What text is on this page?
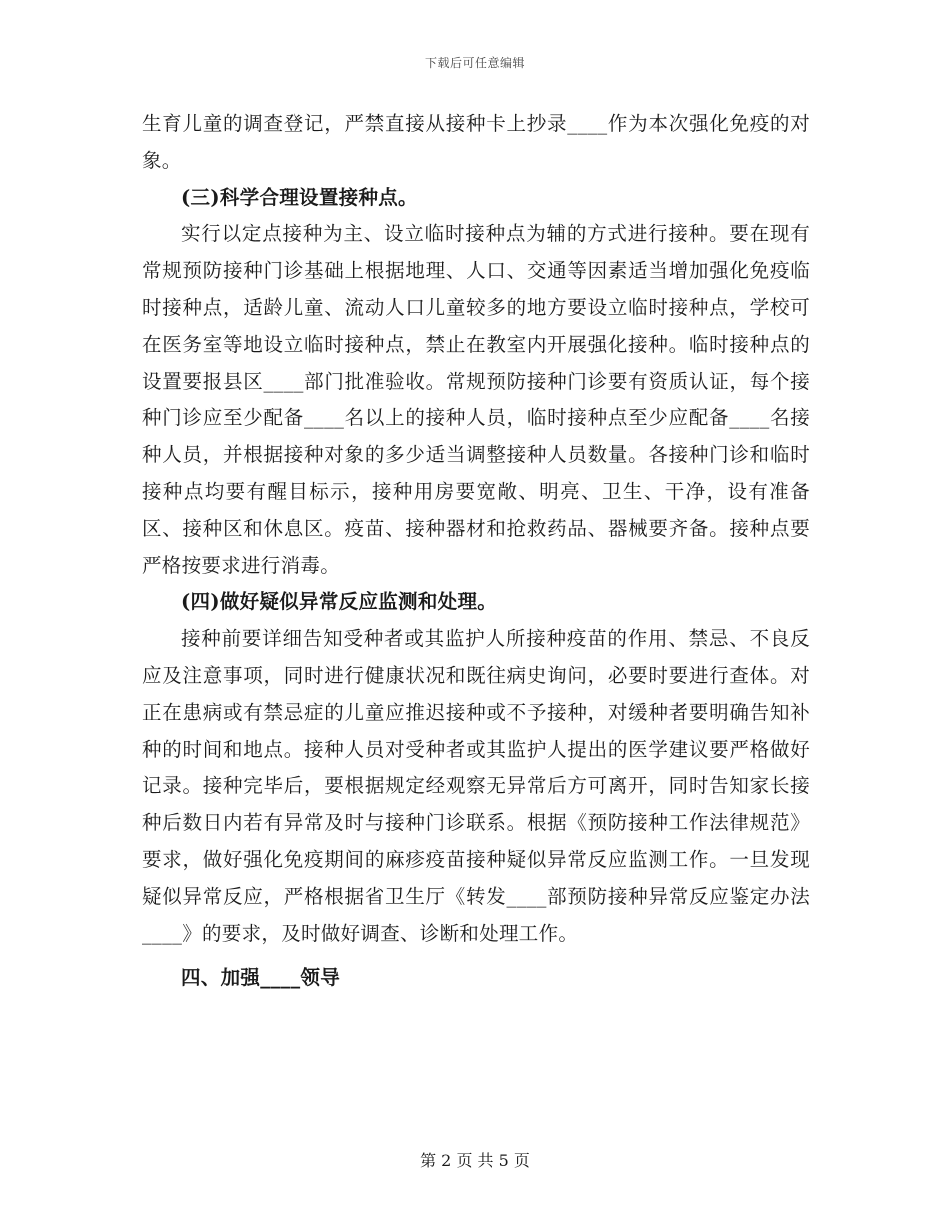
下载后可任意编辑

生育儿童的调查登记，严禁直接从接种卡上抄录____作为本次强化免疫的对象。

(三)科学合理设置接种点。

实行以定点接种为主、设立临时接种点为辅的方式进行接种。要在现有常规预防接种门诊基础上根据地理、人口、交通等因素适当增加强化免疫临时接种点，适龄儿童、流动人口儿童较多的地方要设立临时接种点，学校可在医务室等地设立临时接种点，禁止在教室内开展强化接种。临时接种点的设置要报县区____部门批准验收。常规预防接种门诊要有资质认证，每个接种门诊应至少配备____名以上的接种人员，临时接种点至少应配备____名接种人员，并根据接种对象的多少适当调整接种人员数量。各接种门诊和临时接种点均要有醒目标示，接种用房要宽敞、明亮、卫生、干净，设有准备区、接种区和休息区。疫苗、接种器材和抢救药品、器械要齐备。接种点要严格按要求进行消毒。

(四)做好疑似异常反应监测和处理。

接种前要详细告知受种者或其监护人所接种疫苗的作用、禁忌、不良反应及注意事项，同时进行健康状况和既往病史询问，必要时要进行查体。对正在患病或有禁忌症的儿童应推迟接种或不予接种，对缓种者要明确告知补种的时间和地点。接种人员对受种者或其监护人提出的医学建议要严格做好记录。接种完毕后，要根据规定经观察无异常后方可离开，同时告知家长接种后数日内若有异常及时与接种门诊联系。根据《预防接种工作法律规范》要求，做好强化免疫期间的麻疹疫苗接种疑似异常反应监测工作。一旦发现疑似异常反应，严格根据省卫生厅《转发____部预防接种异常反应鉴定办法____》的要求，及时做好调查、诊断和处理工作。

四、加强____领导

第 2 页 共 5 页
